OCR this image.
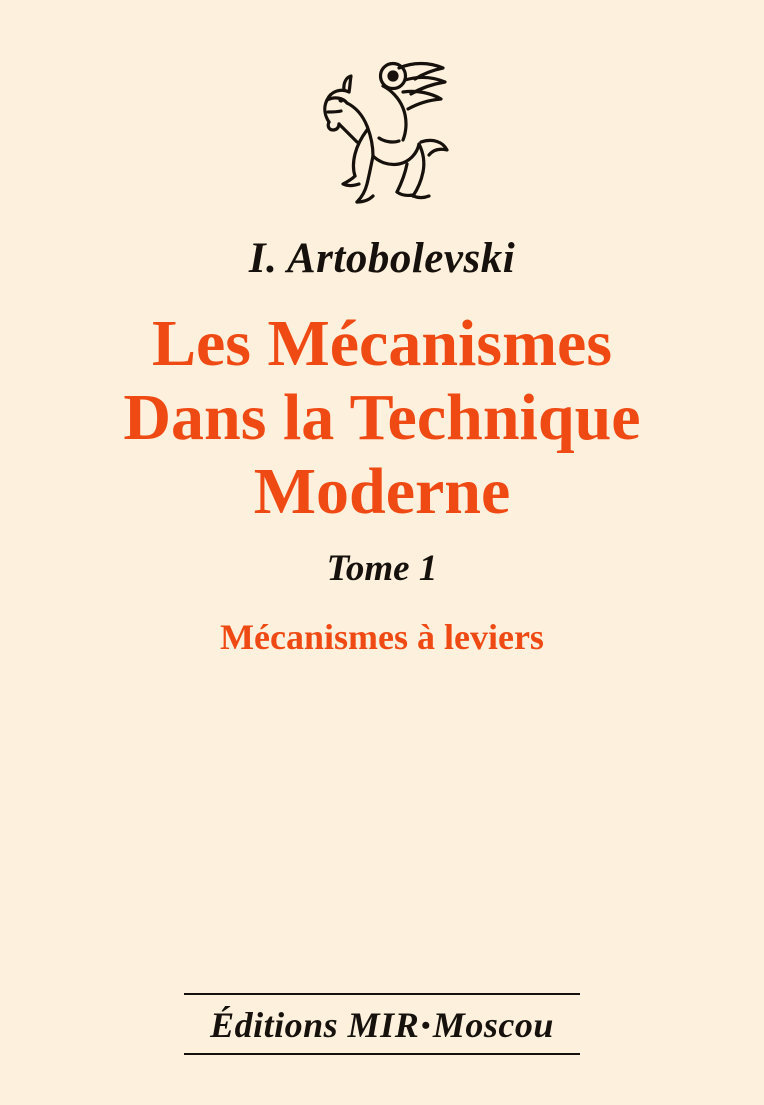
I. Artobolevski
Les Mécanismes
Dans la Technique
Moderne
Tome 1
Mécanismes à leviers
Éditions MIR•Moscou
